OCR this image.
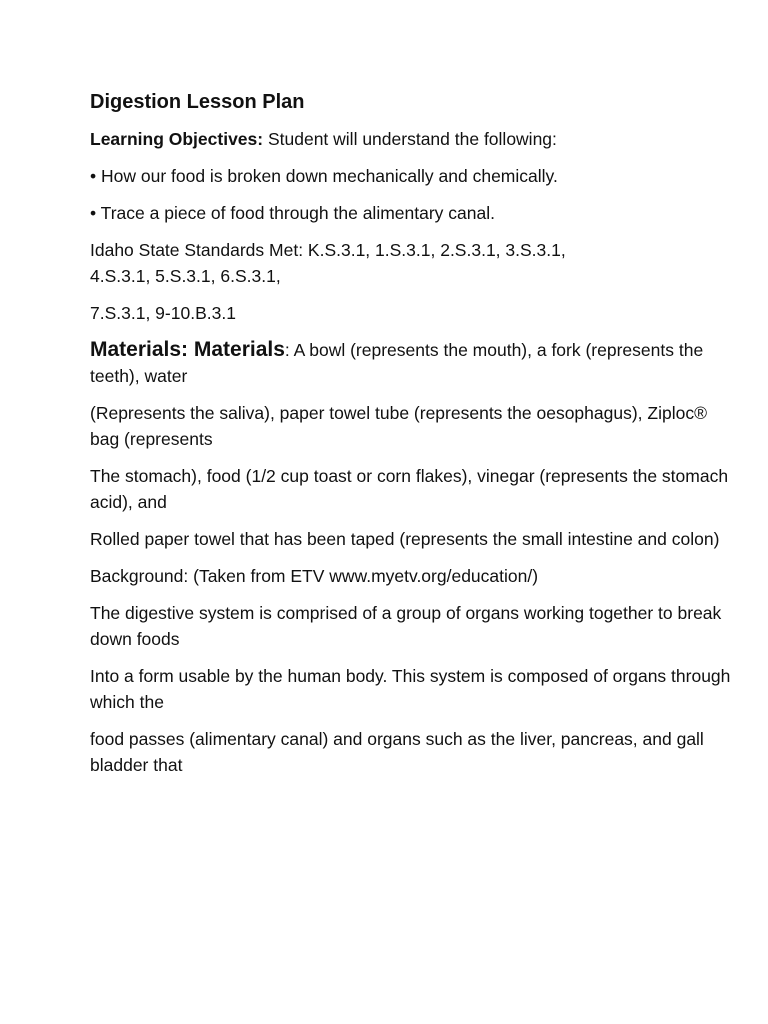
Digestion Lesson Plan

Learning Objectives: Student will understand the following:

• How our food is broken down mechanically and chemically.

• Trace a piece of food through the alimentary canal.

Idaho State Standards Met: K.S.3.1, 1.S.3.1, 2.S.3.1, 3.S.3.1,
4.S.3.1, 5.S.3.1, 6.S.3.1,

7.S.3.1, 9-10.B.3.1

Materials: Materials: A bowl (represents the mouth), a fork (represents the teeth), water

(Represents the saliva), paper towel tube (represents the oesophagus), Ziploc® bag (represents

The stomach), food (1/2 cup toast or corn flakes), vinegar (represents the stomach acid), and

Rolled paper towel that has been taped (represents the small intestine and colon)

Background: (Taken from ETV www.myetv.org/education/)

The digestive system is comprised of a group of organs working together to break down foods

Into a form usable by the human body. This system is composed of organs through which the

food passes (alimentary canal) and organs such as the liver, pancreas, and gall bladder that
